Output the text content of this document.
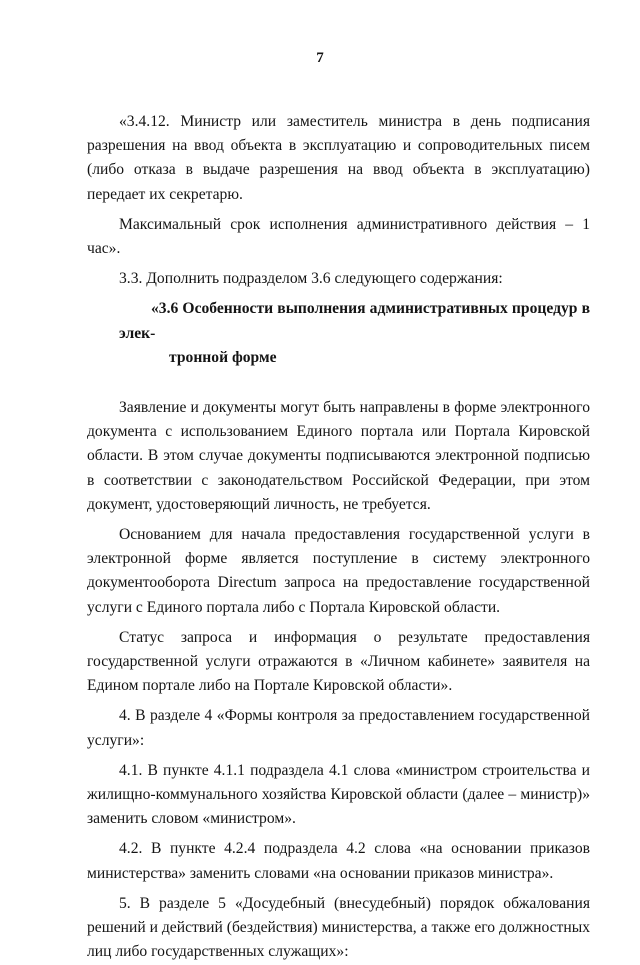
7

«3.4.12. Министр или заместитель министра в день подписания разрешения на ввод объекта в эксплуатацию и сопроводительных писем (либо отказа в выдаче разрешения на ввод объекта в эксплуатацию) передает их секретарю.

Максимальный срок исполнения административного действия – 1 час».

3.3. Дополнить подразделом 3.6 следующего содержания:

«3.6 Особенности выполнения административных процедур в элек-
тронной форме

Заявление и документы могут быть направлены в форме электронного документа с использованием Единого портала или Портала Кировской области. В этом случае документы подписываются электронной подписью в соответствии с законодательством Российской Федерации, при этом документ, удостоверяющий личность, не требуется.

Основанием для начала предоставления государственной услуги в электронной форме является поступление в систему электронного документооборота Directum запроса на предоставление государственной услуги с Единого портала либо с Портала Кировской области.

Статус запроса и информация о результате предоставления государственной услуги отражаются в «Личном кабинете» заявителя на Едином портале либо на Портале Кировской области».

4. В разделе 4 «Формы контроля за предоставлением государственной услуги»:

4.1. В пункте 4.1.1 подраздела 4.1 слова «министром строительства и жилищно-коммунального хозяйства Кировской области (далее – министр)» заменить словом «министром».

4.2. В пункте 4.2.4 подраздела 4.2 слова «на основании приказов министерства» заменить словами «на основании приказов министра».

5. В разделе 5 «Досудебный (внесудебный) порядок обжалования решений и действий (бездействия) министерства, а также его должностных лиц либо государственных служащих»:
